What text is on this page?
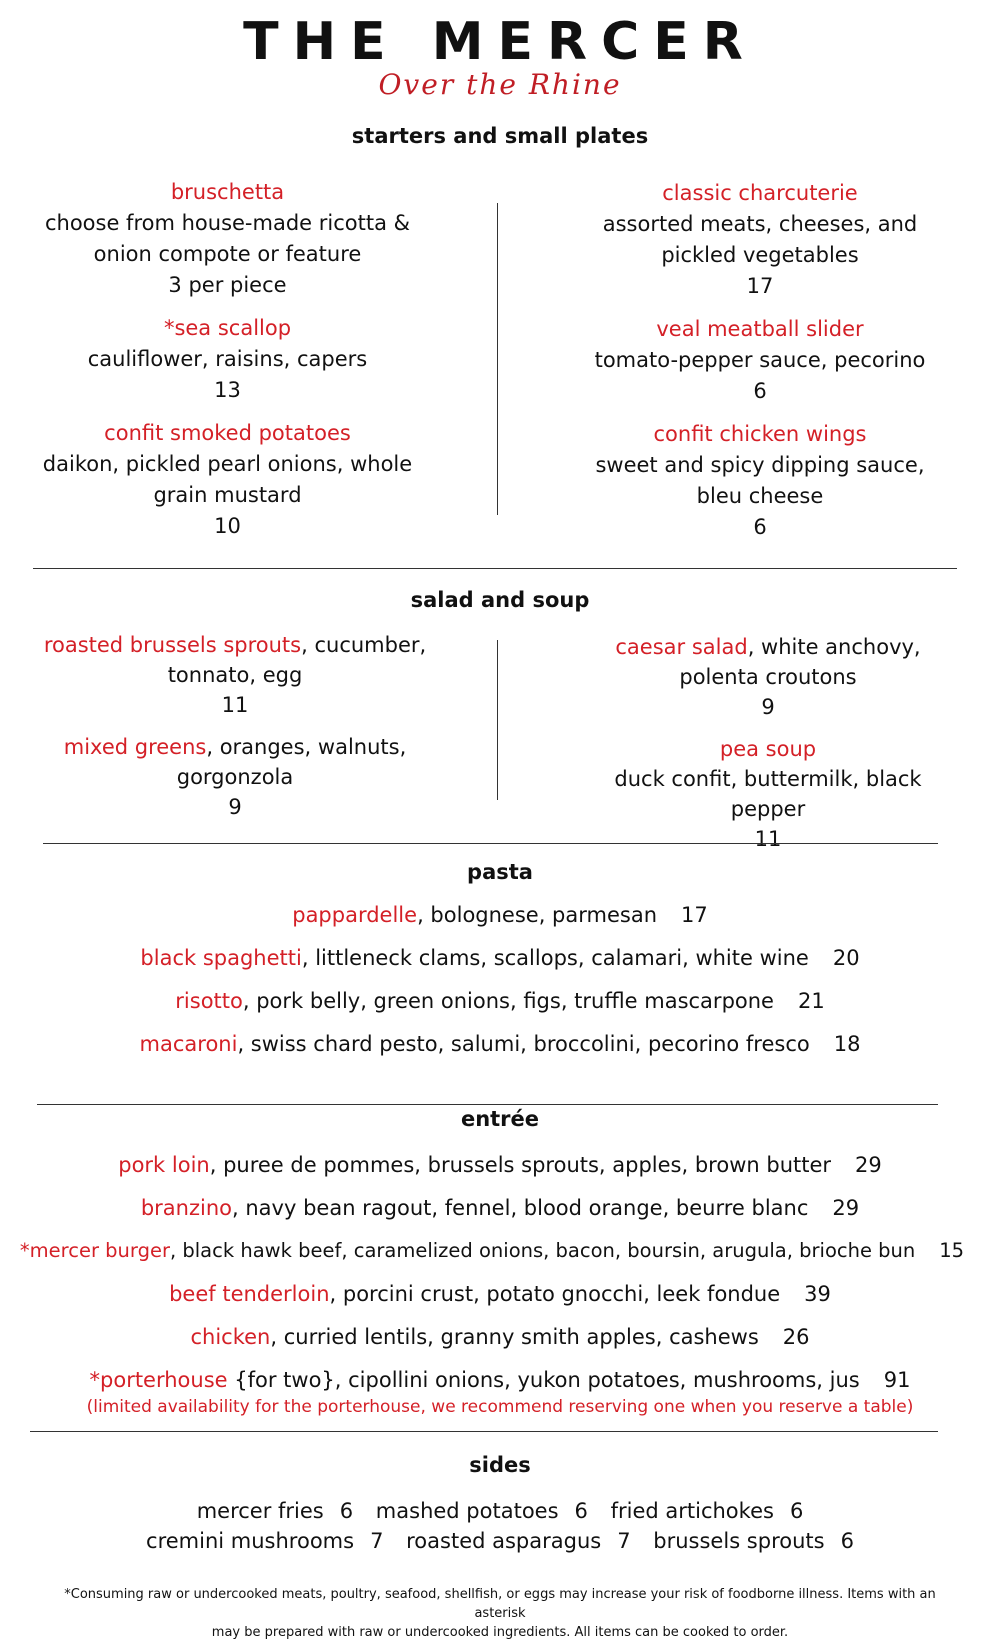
THE MERCER
Over the Rhine
starters and small plates
bruschetta
choose from house-made ricotta & onion compote or feature
3 per piece
*sea scallop
cauliflower, raisins, capers
13
confit smoked potatoes
daikon, pickled pearl onions, whole grain mustard
10
classic charcuterie
assorted meats, cheeses, and pickled vegetables
17
veal meatball slider
tomato-pepper sauce, pecorino
6
confit chicken wings
sweet and spicy dipping sauce, bleu cheese
6
salad and soup
roasted brussels sprouts, cucumber, tonnato, egg
11
mixed greens, oranges, walnuts, gorgonzola
9
caesar salad, white anchovy, polenta croutons
9
pea soup
duck confit, buttermilk, black pepper
11
pasta
pappardelle, bolognese, parmesan 17
black spaghetti, littleneck clams, scallops, calamari, white wine 20
risotto, pork belly, green onions, figs, truffle mascarpone 21
macaroni, swiss chard pesto, salumi, broccolini, pecorino fresco 18
entrée
pork loin, puree de pommes, brussels sprouts, apples, brown butter 29
branzino, navy bean ragout, fennel, blood orange, beurre blanc 29
*mercer burger, black hawk beef, caramelized onions, bacon, boursin, arugula, brioche bun 15
beef tenderloin, porcini crust, potato gnocchi, leek fondue 39
chicken, curried lentils, granny smith apples, cashews 26
*porterhouse {for two}, cipollini onions, yukon potatoes, mushrooms, jus 91
(limited availability for the porterhouse, we recommend reserving one when you reserve a table)
sides
mercer fries 6 mashed potatoes 6 fried artichokes 6
cremini mushrooms 7 roasted asparagus 7 brussels sprouts 6
*Consuming raw or undercooked meats, poultry, seafood, shellfish, or eggs may increase your risk of foodborne illness. Items with an asterisk
may be prepared with raw or undercooked ingredients. All items can be cooked to order.
